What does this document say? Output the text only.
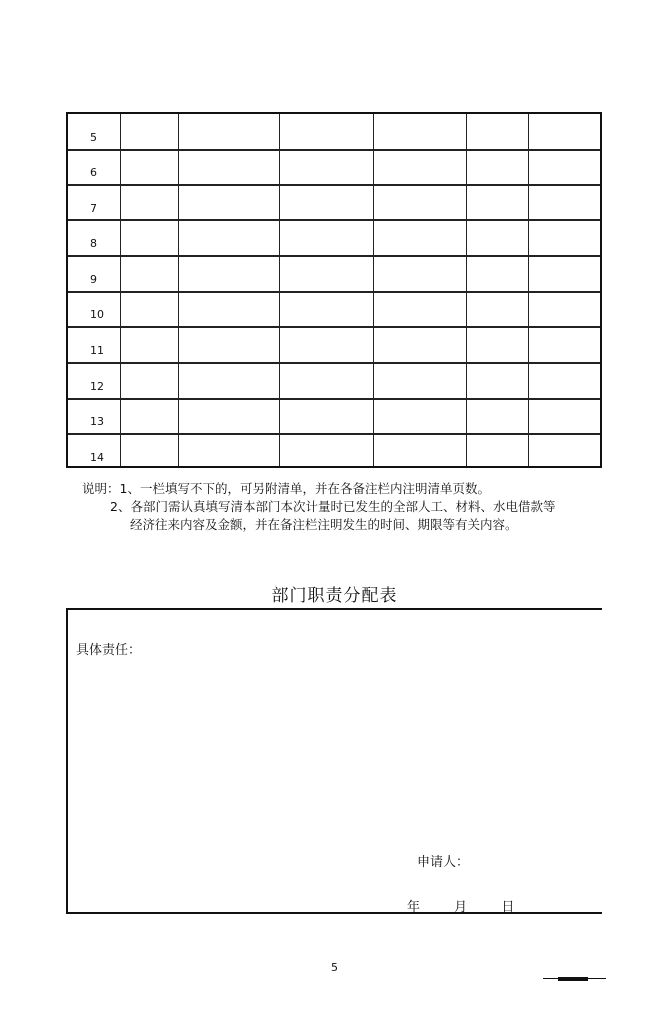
5
6
7
8
9
10
11
12
13
14
说明：1、一栏填写不下的，可另附清单，并在各备注栏内注明清单页数。
2、各部门需认真填写清本部门本次计量时已发生的全部人工、材料、水电借款等
经济往来内容及金额，并在备注栏注明发生的时间、期限等有关内容。
部门职责分配表
具体责任：
申请人：
年	月	日
5
